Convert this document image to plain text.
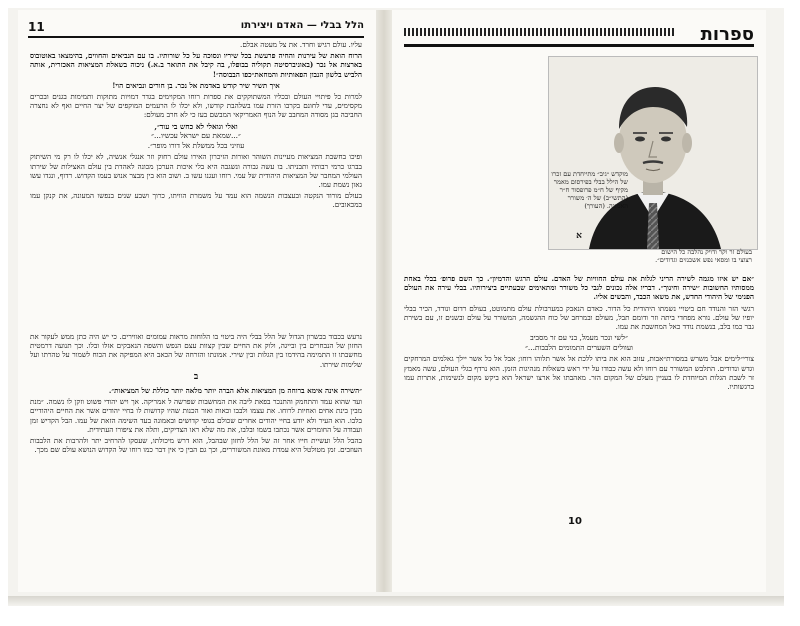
הלל בבלי — האדם ויצירתו
11

עליו. עולם רגיש וחרד. את צל מעטה אבלם.

הרוח הואת של עירנות והחיה פרעשת בכל שיריו ונסוכה על כל שורותיו. בו עם הנביאים והחווים, בהימצאו באוטובוס בארצות אל נכר (באוניברסיטה תקוליה בבופלו, בה קיבל את התואר ב.א.) ניכוה בשאלת המציאות האכזרית, אותה הלביש בלשון הנבון הפאותיות והמחאת״כפו הבבוסה״!

איך תשיר שיר קודש באדמת אל נכר. בן חורים ונביאים הוי!

למרות כל פיתויי העולם ובכליו המשתוקקים את ספרות רוחו המקוימים בגדר דמויות מתוקות ותמימות בגנים ובכרים מקסימים, עדי לחונם בקרבו הזרת עמו בשלהבת קודשו, ולא יכלו לו הרעמים המוקפים של יצר החיים ואף לא נחצרה החביבה בגן מסודה המחבב של הנוף האמריקאי המבשם בעז כי לא חרב מעולם:

ואלי וגואלי לא כחש בי עוד״,
״...שמאת עם ישראל עכשיו...״
עוזיני בכל ממשלת אל דורו מופר״.

ופיכו בחשבת המציאות מעיינות השוהר ואורות הזיכרון האירו עולם רחוק וזר אנגלי אנשיה, לא יכלו לו רק מי השיתוק בברגו כרמי רבותיו ותבניתו. בו עשה גבורה ונשגבה היא בלי איכות הערכן מכונה לאהדת בין עולם האצילות של שירתו העולמי המחבר של המציאות היהודית של עמי. רוחו ועגנו עשו ב. ושוב הוא בין מבצר אנוש בעמו הקדוש. רדוף, ונגדו עשו גאון נשמת עמו.

בעולם מורוד הנקטה ובעצבות הנשמה הוא עמד על משמרת הוויתו, כרוך ושבע שנים בנפשו המעונה, את קנקן עמו במכאובים.

נרעש בכבוד בכשרון הגדול של הלל בבלי היה ביטוי בו הלוחות מראות עמומים ואווירים. כי יש היה כתן ממש לעקור את החזון של הנבחרים בין ובייגה, ולוק את החיים שבין קצוות עצם הנפש והשפה הנאבקים אזלו ובלו. וכך תנועה דרמטית מחשבתו זו התמימה בהידמו בין הגלות ובין שירי. אמונתו והזרחה של הכאב היא המפיקה את הכוח לשמור על טהרתו ועל שלימות שירתו.

ב

״השירה אינה אימא ברוחה מן המציאות אלא הברה יותר מלאה יותר כוללת של המציאות״.

ועד שהוא עמד והתחמק והתנכר בפאת ליבה את המחשבות שפרשה ל אמריקה. אך ויש יהודי פשוט וזקן לו נשמה. ״מנת מבין בינת אחים ואחיות לרוחו. את עצמו ולבבו וכאות ואור הכנות שהיו קדושות לו בחיי יהודים אשר את החיים היהודיים בלבו. הוא העיר ולא יודע בחיי יהודים אחרים שכולם בגופי קדושים ובאמונה בעד השימה הזאת של עמו. הבל הקדיש זמן ועבודה על החומרים אשר נכתבו בשמו ובלבו, את מה שלא ראו הצדיקים, ותלה את ציפורו העתידית.

בהבל הלל ועשיית חייו אחר זה של הלל לחזון שבהבל, הוא דרש מיכולתו, שעסקו להרחיב יתר ולהרבות את הלבבות העוזבים. זמן מטולטל היא עמדת מאונת המשוררים, וכך גם הבין כי אין דבר כמו רוחו של הקדוש הנושא עולם שם מכך.

ספרות

מוקדש ״גיב״ מתייחדת עם זכרו של הילל בבלי בפירסום מאמר מקיף של ח״מ פרופסור ח״ר (התשי״ב) של ה׳ משורר האמונה. (העורך)
א
בעולם זר וקר ודויק נהלבה כל הישום
רצוצי בו ומסאי נפש אשכנזים וגדודים״.

״אם יש איזו מגמה לשירה הריני לגלות את עולם החוויות של האדם. עולם הרגש והדמיון״. כך השם פרופ׳ בבלי באחת ממסותיו החשובות ״שירה וחינוך״. דבריו אלה נכונים לגבי כל משורר ומתאימים שבעתיים ביצירותיו. בבלי עירה את העולם הפנימי של היהודי החדש, את משאו הכבד, והבשים אליו.

רגשי הזר והנודד חם ביטויי נשמתו היהודית כל הדור. כאדם הנאבק במערבולת עולם מתמוטט, בעולם רדום ונודד, הכיר בבלי יופיו של עולם. נורא מפחדי ביתה וזר ודומם תבל, מעולם ובמרחב של כוח ההגשמה, המשורר על עולם ובשנים זו, עם בשירת גבר כמו בלב, בנשמת נודד כאל המחשבת את עמו.

״לשי ונכר מעמל, בני עם זר מסביב
ועוולים השערים התמומים הלבבות...״

צורי״לימים אבל משרש במסורת״אבות, עזוב הוא את ביתו ללכת אל אשר תלוהו רוחו; אבל אל כל אשר יילך גאלמים המרחקים וגדש ונדודים. התלבש המשורר עם רוחו ולא עשה כבודו על ידי ראש בשאלות מנהיגות הזמן. הוא נרדף בגלי העולם, עשה מאמץ זר לשבת הגלות המיוחדת לו בעניין מעלם של המקום הזר. מאהבתו אל ארצו ישראל הוא ביקש מקום לנשימות, אתרות עמו ברגשותיו.

10
